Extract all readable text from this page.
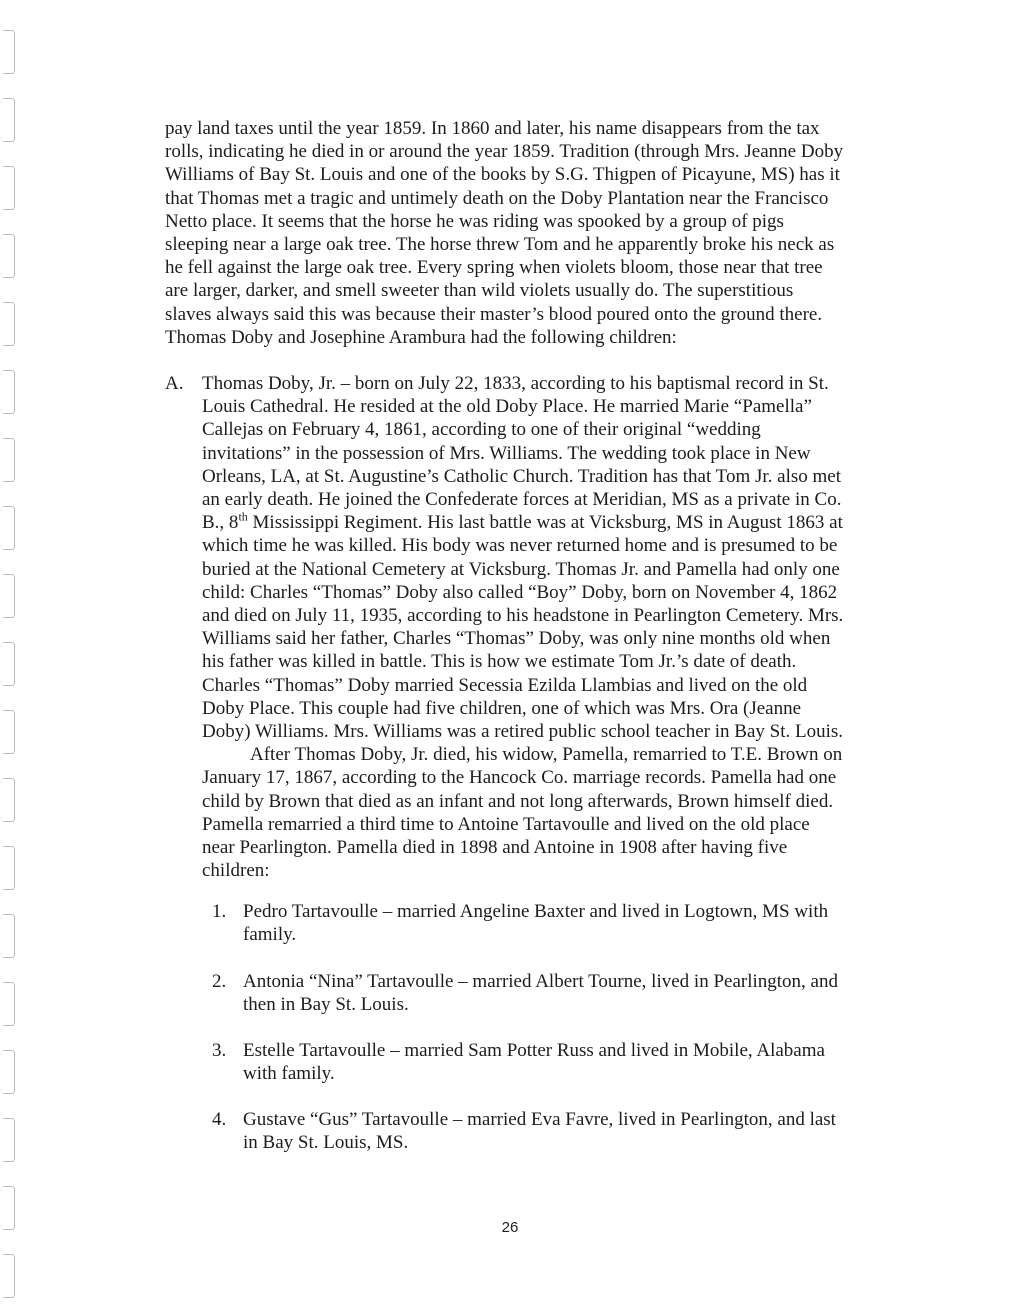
pay land taxes until the year 1859. In 1860 and later, his name disappears from the tax
rolls, indicating he died in or around the year 1859. Tradition (through Mrs. Jeanne Doby
Williams of Bay St. Louis and one of the books by S.G. Thigpen of Picayune, MS) has it
that Thomas met a tragic and untimely death on the Doby Plantation near the Francisco
Netto place. It seems that the horse he was riding was spooked by a group of pigs
sleeping near a large oak tree. The horse threw Tom and he apparently broke his neck as
he fell against the large oak tree. Every spring when violets bloom, those near that tree
are larger, darker, and smell sweeter than wild violets usually do. The superstitious
slaves always said this was because their master’s blood poured onto the ground there.
Thomas Doby and Josephine Arambura had the following children:
A. Thomas Doby, Jr. – born on July 22, 1833, according to his baptismal record in St.
Louis Cathedral. He resided at the old Doby Place. He married Marie “Pamella”
Callejas on February 4, 1861, according to one of their original “wedding
invitations” in the possession of Mrs. Williams. The wedding took place in New
Orleans, LA, at St. Augustine’s Catholic Church. Tradition has that Tom Jr. also met
an early death. He joined the Confederate forces at Meridian, MS as a private in Co.
B., 8th Mississippi Regiment. His last battle was at Vicksburg, MS in August 1863 at
which time he was killed. His body was never returned home and is presumed to be
buried at the National Cemetery at Vicksburg. Thomas Jr. and Pamella had only one
child: Charles “Thomas” Doby also called “Boy” Doby, born on November 4, 1862
and died on July 11, 1935, according to his headstone in Pearlington Cemetery. Mrs.
Williams said her father, Charles “Thomas” Doby, was only nine months old when
his father was killed in battle. This is how we estimate Tom Jr.’s date of death.
Charles “Thomas” Doby married Secessia Ezilda Llambias and lived on the old
Doby Place. This couple had five children, one of which was Mrs. Ora (Jeanne
Doby) Williams. Mrs. Williams was a retired public school teacher in Bay St. Louis.
After Thomas Doby, Jr. died, his widow, Pamella, remarried to T.E. Brown on
January 17, 1867, according to the Hancock Co. marriage records. Pamella had one
child by Brown that died as an infant and not long afterwards, Brown himself died.
Pamella remarried a third time to Antoine Tartavoulle and lived on the old place
near Pearlington. Pamella died in 1898 and Antoine in 1908 after having five
children:
1. Pedro Tartavoulle – married Angeline Baxter and lived in Logtown, MS with
family.
2. Antonia “Nina” Tartavoulle – married Albert Tourne, lived in Pearlington, and
then in Bay St. Louis.
3. Estelle Tartavoulle – married Sam Potter Russ and lived in Mobile, Alabama
with family.
4. Gustave “Gus” Tartavoulle – married Eva Favre, lived in Pearlington, and last
in Bay St. Louis, MS.
26
